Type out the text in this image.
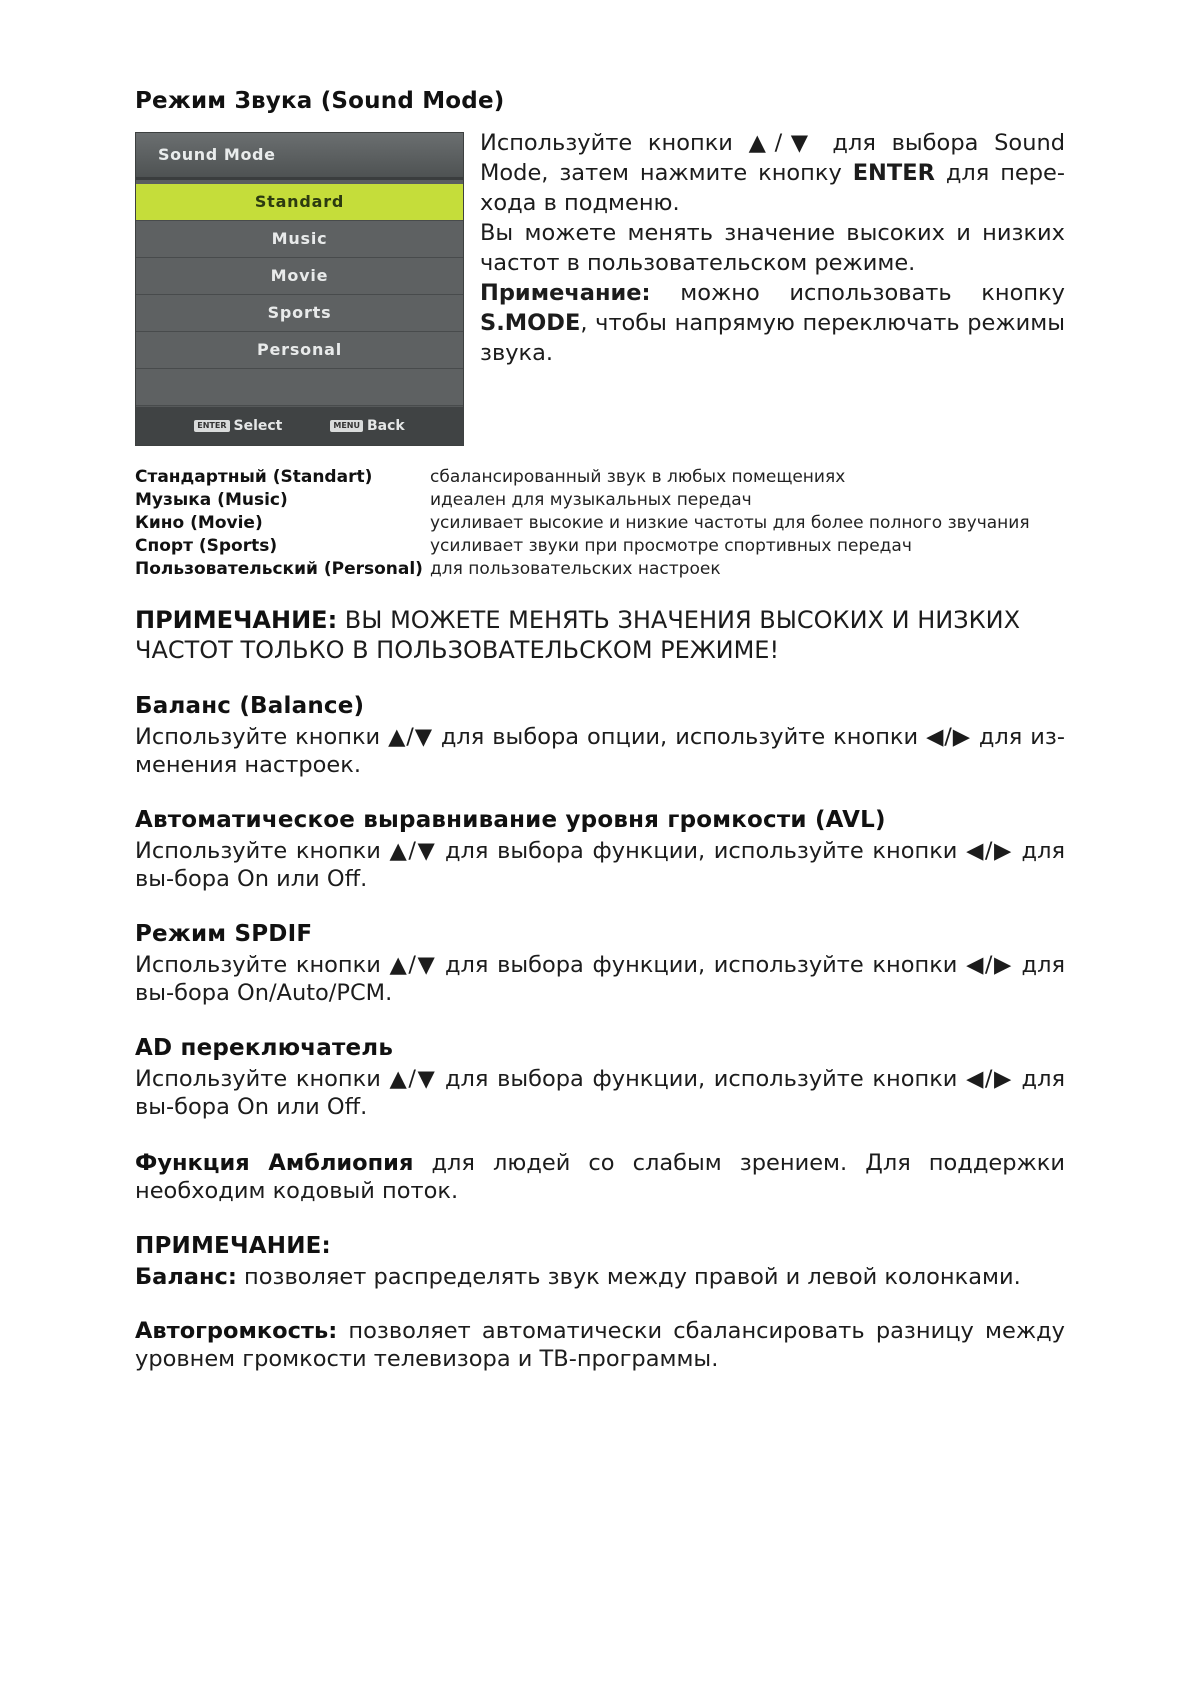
Режим Звука (Sound Mode)
Sound Mode
Standard
Music
Movie
Sports
Personal
ENTER Select	MENU Back

Используйте кнопки ▲/▼ для выбора Sound Mode, затем нажмите кнопку ENTER для пере-хода в подменю.

Вы можете менять значение высоких и низких частот в пользовательском режиме.

Примечание: можно использовать кнопку S.MODE, чтобы напрямую переключать режимы звука.

Стандартный (Standart)	сбалансированный звук в любых помещениях
Музыка (Music)	идеален для музыкальных передач
Кино (Movie)	усиливает высокие и низкие частоты для более полного звучания
Спорт (Sports)	усиливает звуки при просмотре спортивных передач
Пользовательский (Personal) для пользовательских настроек
ПРИМЕЧАНИЕ: ВЫ МОЖЕТЕ МЕНЯТЬ ЗНАЧЕНИЯ ВЫСОКИХ И НИЗКИХ ЧАСТОТ ТОЛЬКО В ПОЛЬЗОВАТЕЛЬСКОМ РЕЖИМЕ!
Баланс (Balance)

Используйте кнопки ▲/▼ для выбора опции, используйте кнопки ◀/▶ для из-менения настроек.

Автоматическое выравнивание уровня громкости (AVL)

Используйте кнопки ▲/▼ для выбора функции, используйте кнопки ◀/▶ для вы-бора On или Off.

Режим SPDIF

Используйте кнопки ▲/▼ для выбора функции, используйте кнопки ◀/▶ для вы-бора On/Auto/PCM.

AD переключатель

Используйте кнопки ▲/▼ для выбора функции, используйте кнопки ◀/▶ для вы-бора On или Off.

Функция Амблиопия для людей со слабым зрением. Для поддержки необходим кодовый поток.

ПРИМЕЧАНИЕ:

Баланс: позволяет распределять звук между правой и левой колонками.

Автогромкость: позволяет автоматически сбалансировать разницу между уровнем громкости телевизора и ТВ-программы.
